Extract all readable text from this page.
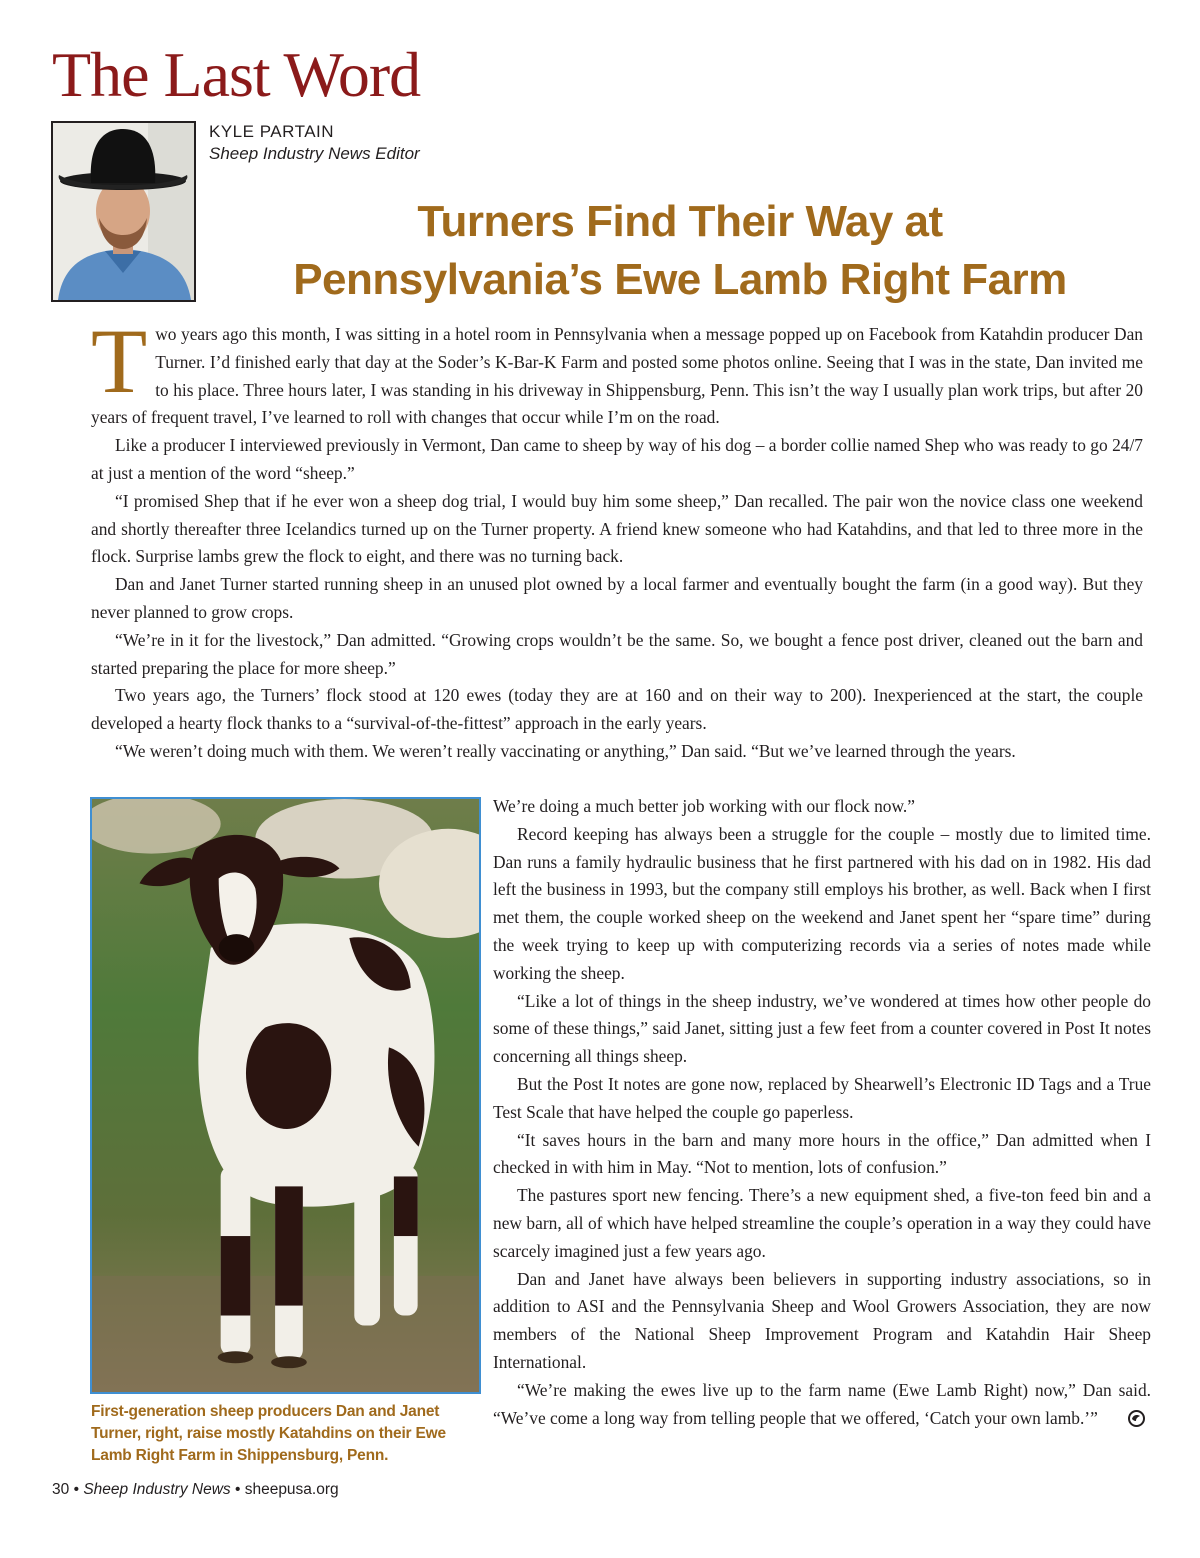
The Last Word
KYLE PARTAIN
Sheep Industry News Editor
Turners Find Their Way at
Pennsylvania’s Ewe Lamb Right Farm

Two years ago this month, I was sitting in a hotel room in Pennsylvania when a message popped up on Facebook from Katahdin producer Dan Turner. I’d finished early that day at the Soder’s K-Bar-K Farm and posted some photos online. Seeing that I was in the state, Dan invited me to his place. Three hours later, I was standing in his driveway in Shippensburg, Penn. This isn’t the way I usually plan work trips, but after 20 years of frequent travel, I’ve learned to roll with changes that occur while I’m on the road.

Like a producer I interviewed previously in Vermont, Dan came to sheep by way of his dog – a border collie named Shep who was ready to go 24/7 at just a mention of the word “sheep.”

“I promised Shep that if he ever won a sheep dog trial, I would buy him some sheep,” Dan recalled. The pair won the novice class one weekend and shortly thereafter three Icelandics turned up on the Turner property. A friend knew someone who had Katahdins, and that led to three more in the flock. Surprise lambs grew the flock to eight, and there was no turning back.

Dan and Janet Turner started running sheep in an unused plot owned by a local farmer and eventually bought the farm (in a good way). But they never planned to grow crops.

“We’re in it for the livestock,” Dan admitted. “Growing crops wouldn’t be the same. So, we bought a fence post driver, cleaned out the barn and started preparing the place for more sheep.”

Two years ago, the Turners’ flock stood at 120 ewes (today they are at 160 and on their way to 200). Inexperienced at the start, the couple developed a hearty flock thanks to a “survival-of-the-fittest” approach in the early years.

“We weren’t doing much with them. We weren’t really vaccinating or anything,” Dan said. “But we’ve learned through the years.

First-generation sheep producers Dan and Janet Turner, right, raise mostly Katahdins on their Ewe Lamb Right Farm in Shippensburg, Penn.

We’re doing a much better job working with our flock now.”

Record keeping has always been a struggle for the couple – mostly due to limited time. Dan runs a family hydraulic business that he first partnered with his dad on in 1982. His dad left the business in 1993, but the company still employs his brother, as well. Back when I first met them, the couple worked sheep on the weekend and Janet spent her “spare time” during the week trying to keep up with computerizing records via a series of notes made while working the sheep.

“Like a lot of things in the sheep industry, we’ve wondered at times how other people do some of these things,” said Janet, sitting just a few feet from a counter covered in Post It notes concerning all things sheep.

But the Post It notes are gone now, replaced by Shearwell’s Electronic ID Tags and a True Test Scale that have helped the couple go paperless.

“It saves hours in the barn and many more hours in the office,” Dan admitted when I checked in with him in May. “Not to mention, lots of confusion.”

The pastures sport new fencing. There’s a new equipment shed, a five-ton feed bin and a new barn, all of which have helped streamline the couple’s operation in a way they could have scarcely imagined just a few years ago.

Dan and Janet have always been believers in supporting industry associations, so in addition to ASI and the Pennsylvania Sheep and Wool Growers Association, they are now members of the National Sheep Improvement Program and Katahdin Hair Sheep International.

“We’re making the ewes live up to the farm name (Ewe Lamb Right) now,” Dan said. “We’ve come a long way from telling people that we offered, ‘Catch your own lamb.’”

30 • Sheep Industry News • sheepusa.org
